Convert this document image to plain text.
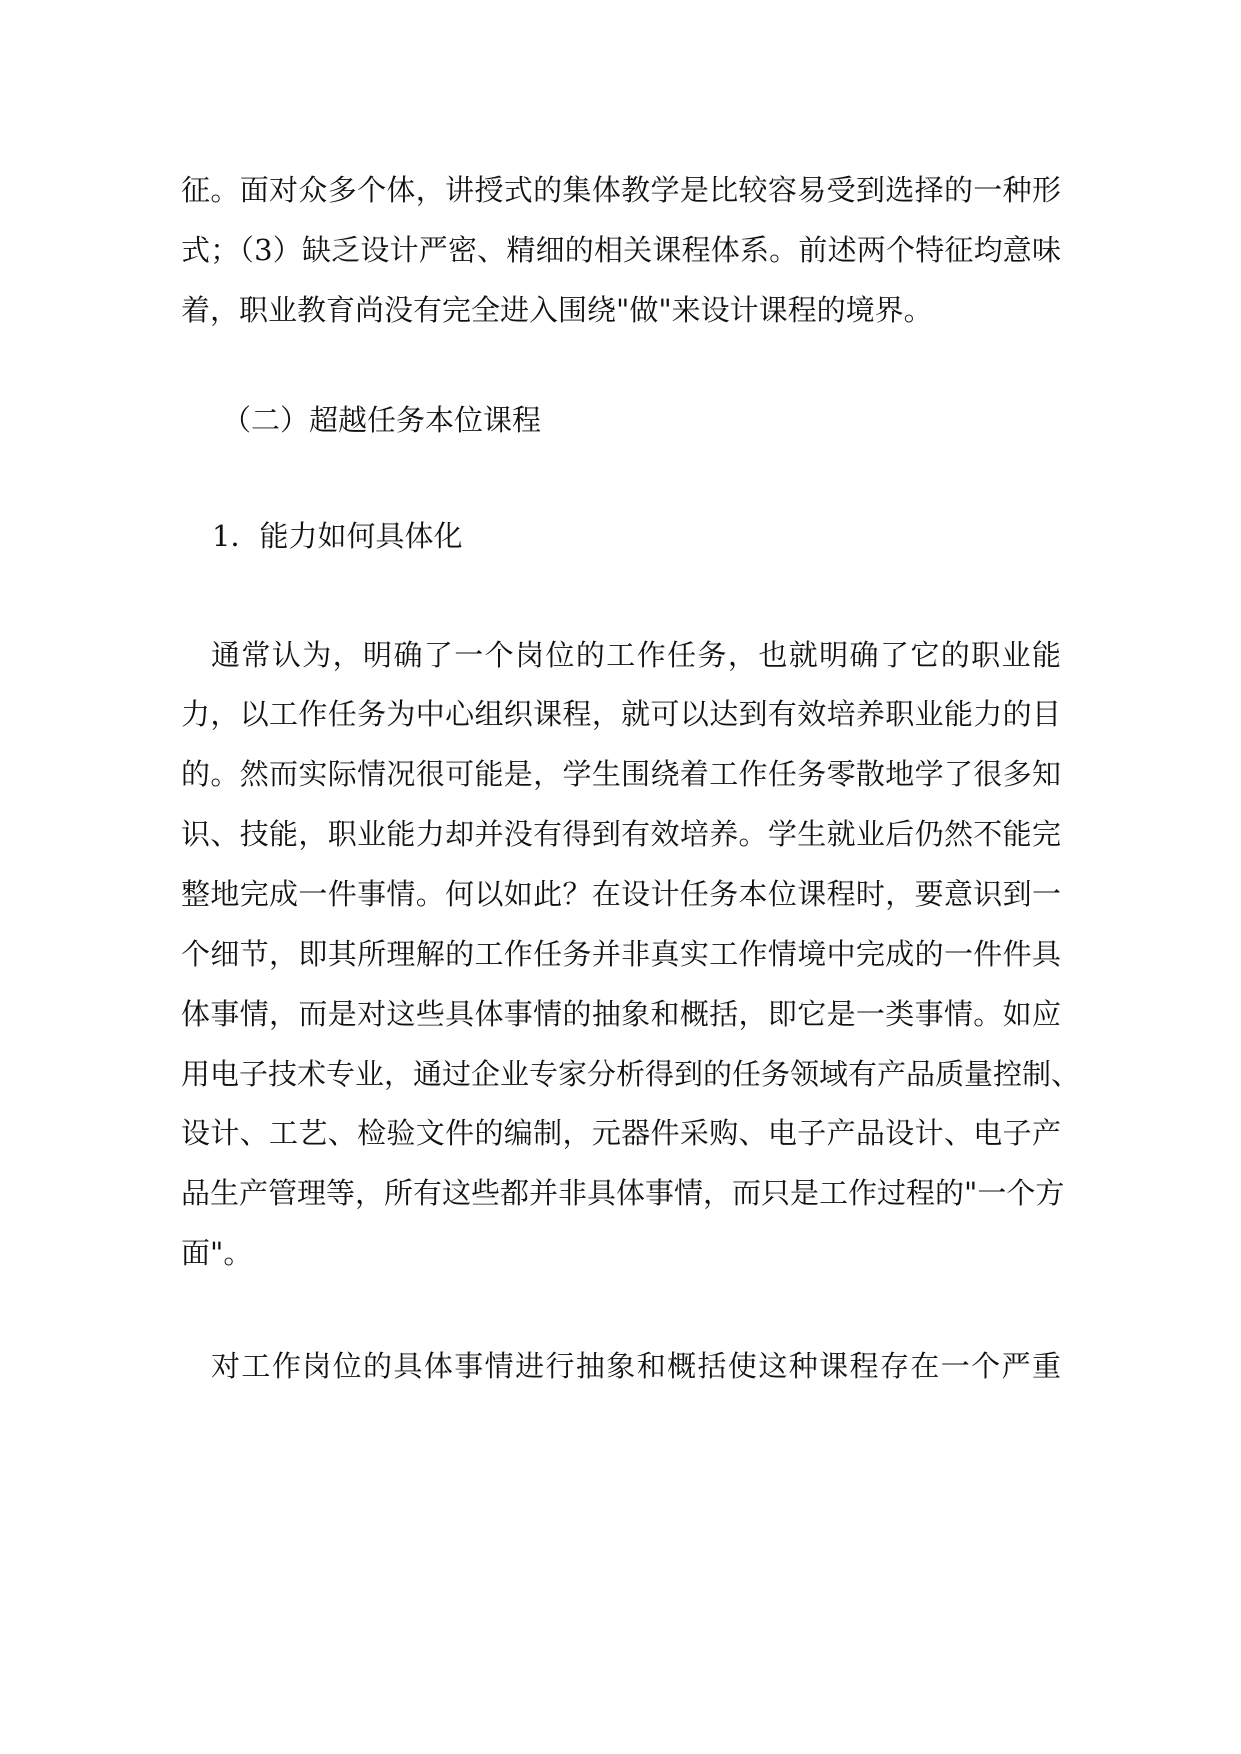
征。面对众多个体，讲授式的集体教学是比较容易受到选择的一种形
式；（3）缺乏设计严密、精细的相关课程体系。前述两个特征均意味
着，职业教育尚没有完全进入围绕"做"来设计课程的境界。
（二）超越任务本位课程
1．能力如何具体化
通常认为，明确了一个岗位的工作任务，也就明确了它的职业能
力，以工作任务为中心组织课程，就可以达到有效培养职业能力的目
的。然而实际情况很可能是，学生围绕着工作任务零散地学了很多知
识、技能，职业能力却并没有得到有效培养。学生就业后仍然不能完
整地完成一件事情。何以如此？在设计任务本位课程时，要意识到一
个细节，即其所理解的工作任务并非真实工作情境中完成的一件件具
体事情，而是对这些具体事情的抽象和概括，即它是一类事情。如应
用电子技术专业，通过企业专家分析得到的任务领域有产品质量控制、
设计、工艺、检验文件的编制，元器件采购、电子产品设计、电子产
品生产管理等，所有这些都并非具体事情，而只是工作过程的"一个方
面"。
对工作岗位的具体事情进行抽象和概括使这种课程存在一个严重
